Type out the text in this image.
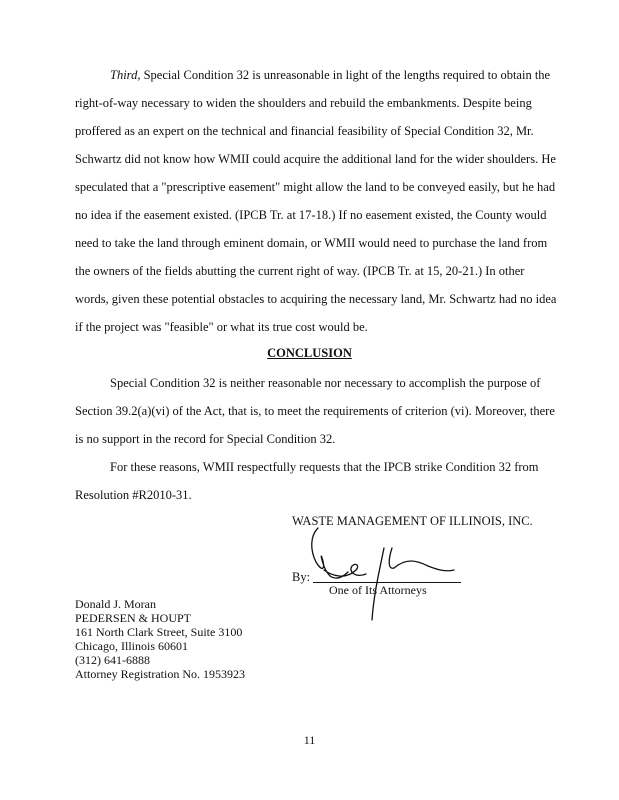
Third, Special Condition 32 is unreasonable in light of the lengths required to obtain the
right-of-way necessary to widen the shoulders and rebuild the embankments. Despite being
proffered as an expert on the technical and financial feasibility of Special Condition 32, Mr.
Schwartz did not know how WMII could acquire the additional land for the wider shoulders. He
speculated that a "prescriptive easement" might allow the land to be conveyed easily, but he had
no idea if the easement existed. (IPCB Tr. at 17-18.) If no easement existed, the County would
need to take the land through eminent domain, or WMII would need to purchase the land from
the owners of the fields abutting the current right of way. (IPCB Tr. at 15, 20-21.) In other
words, given these potential obstacles to acquiring the necessary land, Mr. Schwartz had no idea
if the project was "feasible" or what its true cost would be.
CONCLUSION
Special Condition 32 is neither reasonable nor necessary to accomplish the purpose of
Section 39.2(a)(vi) of the Act, that is, to meet the requirements of criterion (vi). Moreover, there
is no support in the record for Special Condition 32.
For these reasons, WMII respectfully requests that the IPCB strike Condition 32 from
Resolution #R2010-31.
WASTE MANAGEMENT OF ILLINOIS, INC.
By:
One of Its Attorneys
Donald J. Moran
PEDERSEN & HOUPT
161 North Clark Street, Suite 3100
Chicago, Illinois 60601
(312) 641-6888
Attorney Registration No. 1953923
11
